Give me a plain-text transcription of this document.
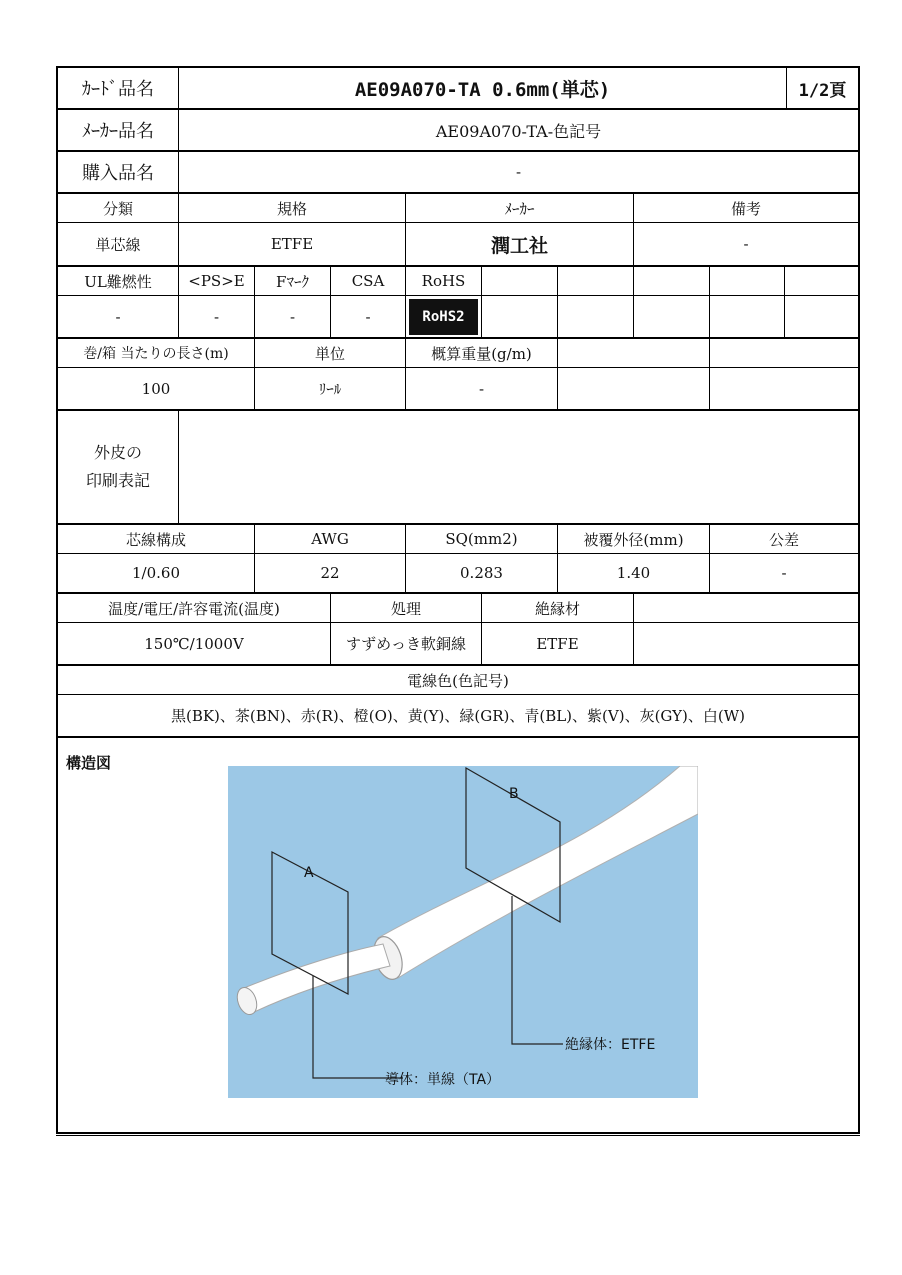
ｶｰﾄﾞ品名	AE09A070-TA 0.6mm(単芯)	1/2頁
ﾒｰｶｰ品名	AE09A070-TA-色記号
購入品名	-
分類	規格	ﾒｰｶｰ	備考
単芯線	ETFE	潤工社	-
UL難燃性	<PS>E	Fﾏｰｸ	CSA	RoHS
-	-	-	-	RoHS2
巻/箱 当たりの長さ(m)	単位	概算重量(g/m)
100	ﾘｰﾙ	-
外皮の
印刷表記
芯線構成	AWG	SQ(mm2)	被覆外径(mm)	公差
1/0.60	22	0.283	1.40	-
温度/電圧/許容電流(温度)	処理	絶縁材
150℃/1000V	すずめっき軟銅線	ETFE
電線色(色記号)
黒(BK)、茶(BN)、赤(R)、橙(O)、黄(Y)、緑(GR)、青(BL)、紫(V)、灰(GY)、白(W)
構造図
A
B
導体：単線（TA）
絶縁体：ETFE
